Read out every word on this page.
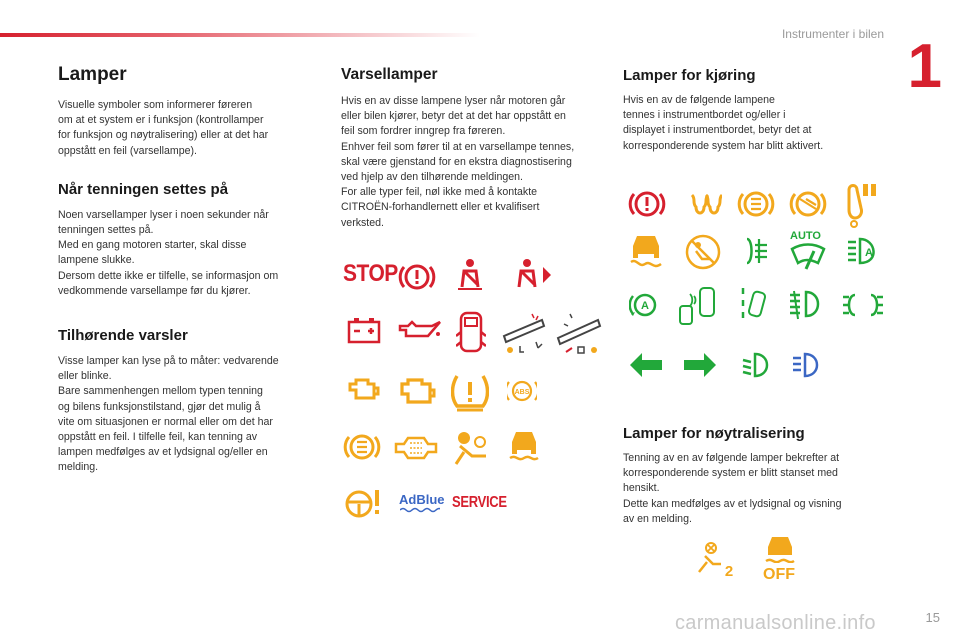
Instrumenter i bilen 1
Lamper

Visuelle symboler som informerer føreren
om at et system er i funksjon (kontrollamper
for funksjon og nøytralisering) eller at det har
oppstått en feil (varsellampe).

Når tenningen settes på

Noen varsellamper lyser i noen sekunder når
tenningen settes på.
Med en gang motoren starter, skal disse
lampene slukke.
Dersom dette ikke er tilfelle, se informasjon om
vedkommende varsellampe før du kjører.

Tilhørende varsler

Visse lamper kan lyse på to måter: vedvarende
eller blinke.
Bare sammenhengen mellom typen tenning
og bilens funksjonstilstand, gjør det mulig å
vite om situasjonen er normal eller om det har
oppstått en feil. I tilfelle feil, kan tenning av
lampen medfølges av et lydsignal og/eller en
melding.

Varsellamper

Hvis en av disse lampene lyser når motoren går
eller bilen kjører, betyr det at det har oppstått en
feil som fordrer inngrep fra føreren.
Enhver feil som fører til at en varsellampe tennes,
skal være gjenstand for en ekstra diagnostisering
ved hjelp av den tilhørende meldingen.
For alle typer feil, nøl ikke med å kontakte
CITROËN-forhandlernett eller et kvalifisert
verksted.

STOP
ABS
AdBlue SERVICE
Lamper for kjøring

Hvis en av de følgende lampene
tennes i instrumentbordet og/eller i
displayet i instrumentbordet, betyr det at
korresponderende system har blitt aktivert.

AUTO
A
A
Lamper for nøytralisering

Tenning av en av følgende lamper bekrefter at
korresponderende system er blitt stanset med
hensikt.
Dette kan medfølges av et lydsignal og visning
av en melding.

2 OFF
15
carmanualsonline.info
